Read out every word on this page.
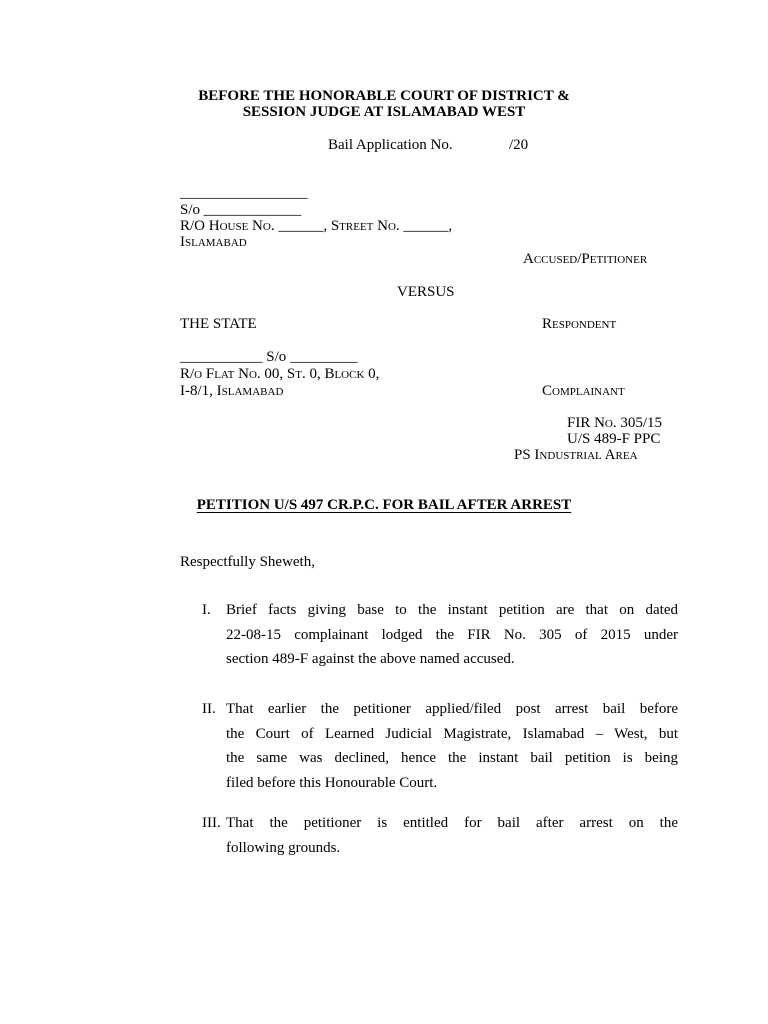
BEFORE THE HONORABLE COURT OF DISTRICT &
SESSION JUDGE AT ISLAMABAD WEST
Bail Application No.	/20
_________________
S/o _____________
R/O House No. ______, Street No. ______,
Islamabad
Accused/Petitioner
VERSUS
THE STATE	Respondent
___________ S/o _________
R/o Flat No. 00, St. 0, Block 0,
I-8/1, Islamabad	Complainant
FIR No. 305/15
U/S 489-F PPC
PS Industrial Area
PETITION U/S 497 CR.P.C. FOR BAIL AFTER ARREST
Respectfully Sheweth,
I. Brief facts giving base to the instant petition are that on dated
22-08-15 complainant lodged the FIR No. 305 of 2015 under
section 489-F against the above named accused.
II. That earlier the petitioner applied/filed post arrest bail before
the Court of Learned Judicial Magistrate, Islamabad – West, but
the same was declined, hence the instant bail petition is being
filed before this Honourable Court.
III. That the petitioner is entitled for bail after arrest on the
following grounds.
